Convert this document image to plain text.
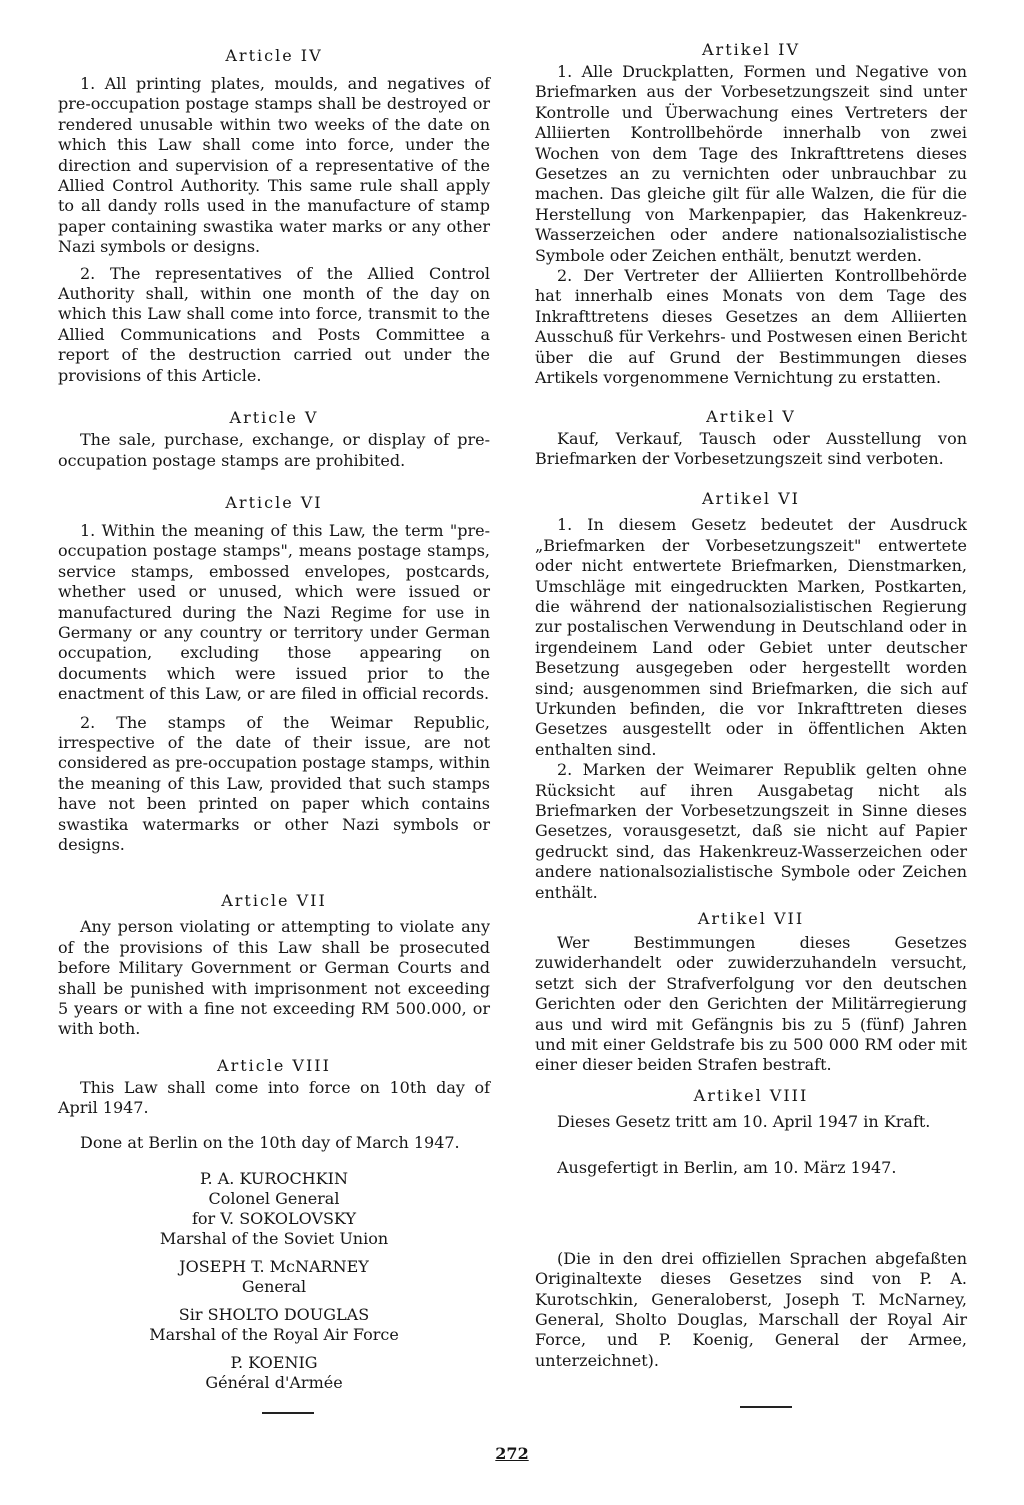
Article IV

1. All printing plates, moulds, and negatives of pre-occupation postage stamps shall be destroyed or rendered unusable within two weeks of the date on which this Law shall come into force, under the direction and supervision of a representative of the Allied Control Authority. This same rule shall apply to all dandy rolls used in the manufacture of stamp paper containing swastika water marks or any other Nazi symbols or designs.

2. The representatives of the Allied Control Authority shall, within one month of the day on which this Law shall come into force, transmit to the Allied Communications and Posts Committee a report of the destruction carried out under the provisions of this Article.

Article V

The sale, purchase, exchange, or display of pre-occupation postage stamps are prohibited.

Article VI

1. Within the meaning of this Law, the term "pre-occupation postage stamps", means postage stamps, service stamps, embossed envelopes, postcards, whether used or unused, which were issued or manufactured during the Nazi Regime for use in Germany or any country or territory under German occupation, excluding those appearing on documents which were issued prior to the enactment of this Law, or are filed in official records.

2. The stamps of the Weimar Republic, irrespective of the date of their issue, are not considered as pre-occupation postage stamps, within the meaning of this Law, provided that such stamps have not been printed on paper which contains swastika watermarks or other Nazi symbols or designs.

Article VII

Any person violating or attempting to violate any of the provisions of this Law shall be prosecuted before Military Government or German Courts and shall be punished with imprisonment not exceeding 5 years or with a fine not exceeding RM 500.000, or with both.

Article VIII

This Law shall come into force on 10th day of April 1947.

Done at Berlin on the 10th day of March 1947.

P. A. KUROCHKIN
Colonel General
for V. SOKOLOVSKY
Marshal of the Soviet Union
JOSEPH T. McNARNEY
General
Sir SHOLTO DOUGLAS
Marshal of the Royal Air Force
P. KOENIG
Général d'Armée
Artikel IV

1. Alle Druckplatten, Formen und Negative von Briefmarken aus der Vorbesetzungszeit sind unter Kontrolle und Überwachung eines Vertreters der Alliierten Kontrollbehörde innerhalb von zwei Wochen von dem Tage des Inkrafttretens dieses Gesetzes an zu vernichten oder unbrauchbar zu machen. Das gleiche gilt für alle Walzen, die für die Herstellung von Markenpapier, das Hakenkreuz-Wasserzeichen oder andere nationalsozialistische Symbole oder Zeichen enthält, benutzt werden.

2. Der Vertreter der Alliierten Kontrollbehörde hat innerhalb eines Monats von dem Tage des Inkrafttretens dieses Gesetzes an dem Alliierten Ausschuß für Verkehrs- und Postwesen einen Bericht über die auf Grund der Bestimmungen dieses Artikels vorgenommene Vernichtung zu erstatten.

Artikel V

Kauf, Verkauf, Tausch oder Ausstellung von Briefmarken der Vorbesetzungszeit sind verboten.

Artikel VI

1. In diesem Gesetz bedeutet der Ausdruck „Briefmarken der Vorbesetzungszeit" entwertete oder nicht entwertete Briefmarken, Dienstmarken, Umschläge mit eingedruckten Marken, Postkarten, die während der nationalsozialistischen Regierung zur postalischen Verwendung in Deutschland oder in irgendeinem Land oder Gebiet unter deutscher Besetzung ausgegeben oder hergestellt worden sind; ausgenommen sind Briefmarken, die sich auf Urkunden befinden, die vor Inkrafttreten dieses Gesetzes ausgestellt oder in öffentlichen Akten enthalten sind.

2. Marken der Weimarer Republik gelten ohne Rücksicht auf ihren Ausgabetag nicht als Briefmarken der Vorbesetzungszeit in Sinne dieses Gesetzes, vorausgesetzt, daß sie nicht auf Papier gedruckt sind, das Hakenkreuz-Wasserzeichen oder andere nationalsozialistische Symbole oder Zeichen enthält.

Artikel VII

Wer Bestimmungen dieses Gesetzes zuwiderhandelt oder zuwiderzuhandeln versucht, setzt sich der Strafverfolgung vor den deutschen Gerichten oder den Gerichten der Militärregierung aus und wird mit Gefängnis bis zu 5 (fünf) Jahren und mit einer Geldstrafe bis zu 500 000 RM oder mit einer dieser beiden Strafen bestraft.

Artikel VIII

Dieses Gesetz tritt am 10. April 1947 in Kraft.

Ausgefertigt in Berlin, am 10. März 1947.

(Die in den drei offiziellen Sprachen abgefaßten Originaltexte dieses Gesetzes sind von P. A. Kurotschkin, Generaloberst, Joseph T. McNarney, General, Sholto Douglas, Marschall der Royal Air Force, und P. Koenig, General der Armee, unterzeichnet).

272
